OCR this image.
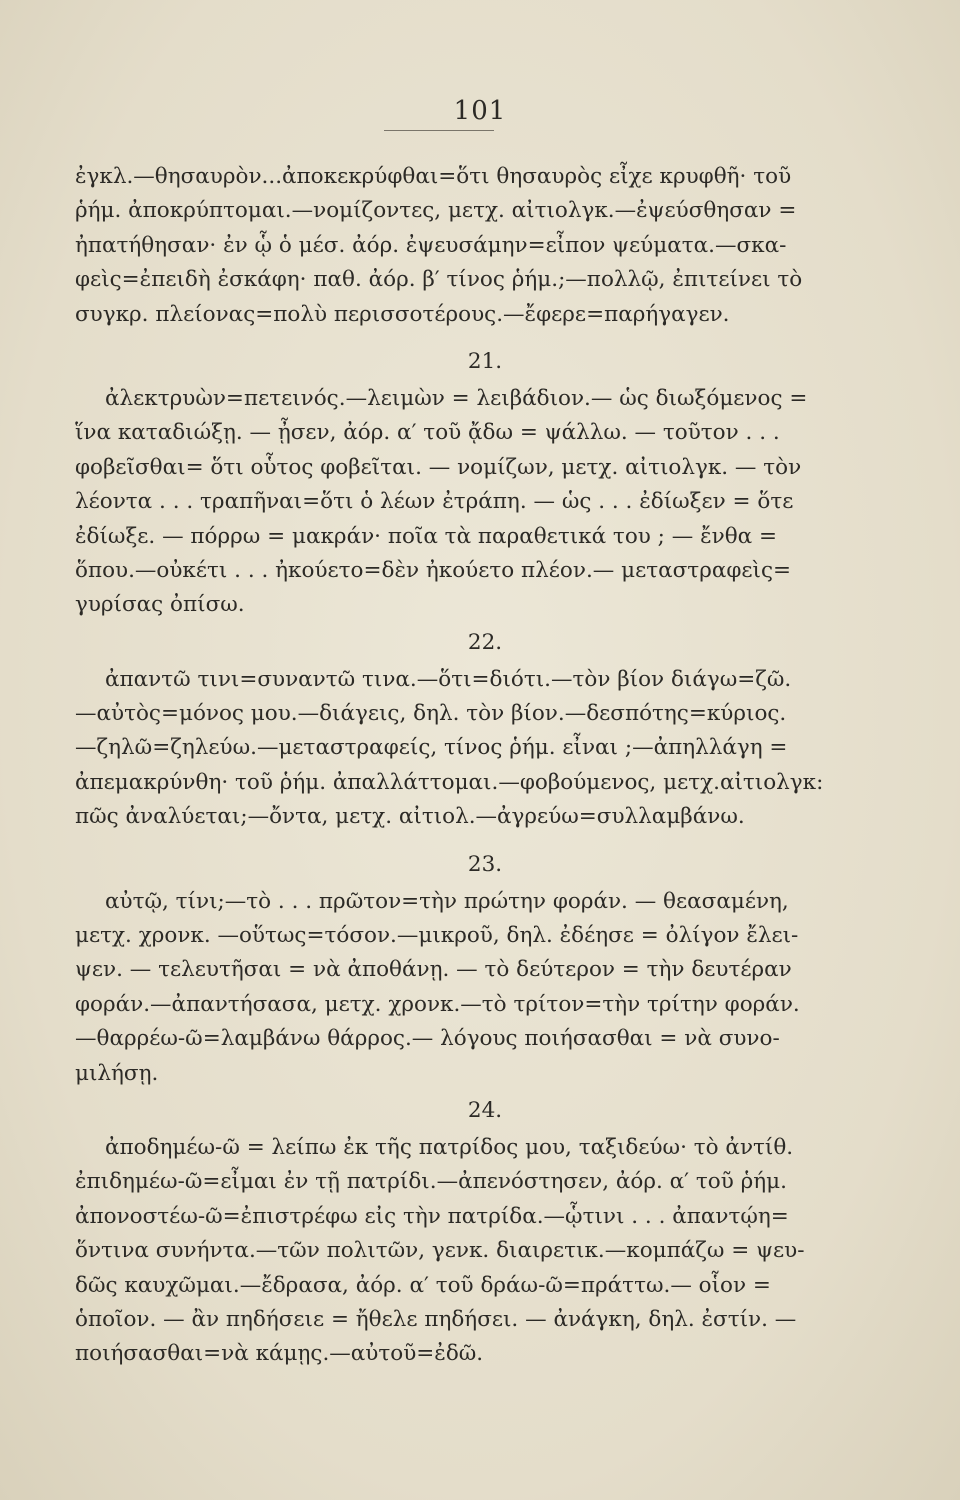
101
ἐγκλ.—θησαυρὸν...ἀποκεκρύφθαι=ὅτι θησαυρὸς εἶχε κρυφθῆ· τοῦ
ῥήμ. ἀποκρύπτομαι.—νομίζοντες, μετχ. αἰτιολγκ.—ἐψεύσθησαν =
ἠπατήθησαν· ἐν ᾧ ὁ μέσ. ἀόρ. ἐψευσάμην=εἶπον ψεύματα.—σκα-
φεὶς=ἐπειδὴ ἐσκάφη· παθ. ἀόρ. β′ τίνος ῥήμ.;—πολλῷ, ἐπιτείνει τὸ
συγκρ. πλείονας=πολὺ περισσοτέρους.—ἔφερε=παρήγαγεν.
21.
ἀλεκτρυὼν=πετεινός.—λειμὼν = λειβάδιον.— ὡς διωξόμενος =
ἵνα καταδιώξῃ. — ᾖσεν, ἀόρ. α′ τοῦ ᾄδω = ψάλλω. — τοῦτον . . .
φοβεῖσθαι= ὅτι οὗτος φοβεῖται. — νομίζων, μετχ. αἰτιολγκ. — τὸν
λέοντα . . . τραπῆναι=ὅτι ὁ λέων ἐτράπη. — ὡς . . . ἐδίωξεν = ὅτε
ἐδίωξε. — πόρρω = μακράν· ποῖα τὰ παραθετικά του ; — ἔνθα =
ὅπου.—οὐκέτι . . . ἠκούετο=δὲν ἠκούετο πλέον.— μεταστραφεὶς=
γυρίσας ὀπίσω.
22.
ἀπαντῶ τινι=συναντῶ τινα.—ὅτι=διότι.—τὸν βίον διάγω=ζῶ.
—αὐτὸς=μόνος μου.—διάγεις, δηλ. τὸν βίον.—δεσπότης=κύριος.
—ζηλῶ=ζηλεύω.—μεταστραφείς, τίνος ῥήμ. εἶναι ;—ἀπηλλάγη =
ἀπεμακρύνθη· τοῦ ῥήμ. ἀπαλλάττομαι.—φοβούμενος, μετχ.αἰτιολγκ:
πῶς ἀναλύεται;—ὄντα, μετχ. αἰτιολ.—ἀγρεύω=συλλαμβάνω.
23.
αὐτῷ, τίνι;—τὸ . . . πρῶτον=τὴν πρώτην φοράν. — θεασαμένη,
μετχ. χρονκ. —οὕτως=τόσον.—μικροῦ, δηλ. ἐδέησε = ὀλίγον ἔλει-
ψεν. — τελευτῆσαι = νὰ ἀποθάνῃ. — τὸ δεύτερον = τὴν δευτέραν
φοράν.—ἀπαντήσασα, μετχ. χρονκ.—τὸ τρίτον=τὴν τρίτην φοράν.
—θαρρέω-ῶ=λαμβάνω θάρρος.— λόγους ποιήσασθαι = νὰ συνο-
μιλήσῃ.
24.
ἀποδημέω-ῶ = λείπω ἐκ τῆς πατρίδος μου, ταξιδεύω· τὸ ἀντίθ.
ἐπιδημέω-ῶ=εἶμαι ἐν τῇ πατρίδι.—ἀπενόστησεν, ἀόρ. α′ τοῦ ῥήμ.
ἀπονοστέω-ῶ=ἐπιστρέφω εἰς τὴν πατρίδα.—ᾧτινι . . . ἀπαντῴη=
ὅντινα συνήντα.—τῶν πολιτῶν, γενκ. διαιρετικ.—κομπάζω = ψευ-
δῶς καυχῶμαι.—ἔδρασα, ἀόρ. α′ τοῦ δράω-ῶ=πράττω.— οἷον =
ὁποῖον. — ἂν πηδήσειε = ἤθελε πηδήσει. — ἀνάγκη, δηλ. ἐστίν. —
ποιήσασθαι=νὰ κάμῃς.—αὐτοῦ=ἐδῶ.
